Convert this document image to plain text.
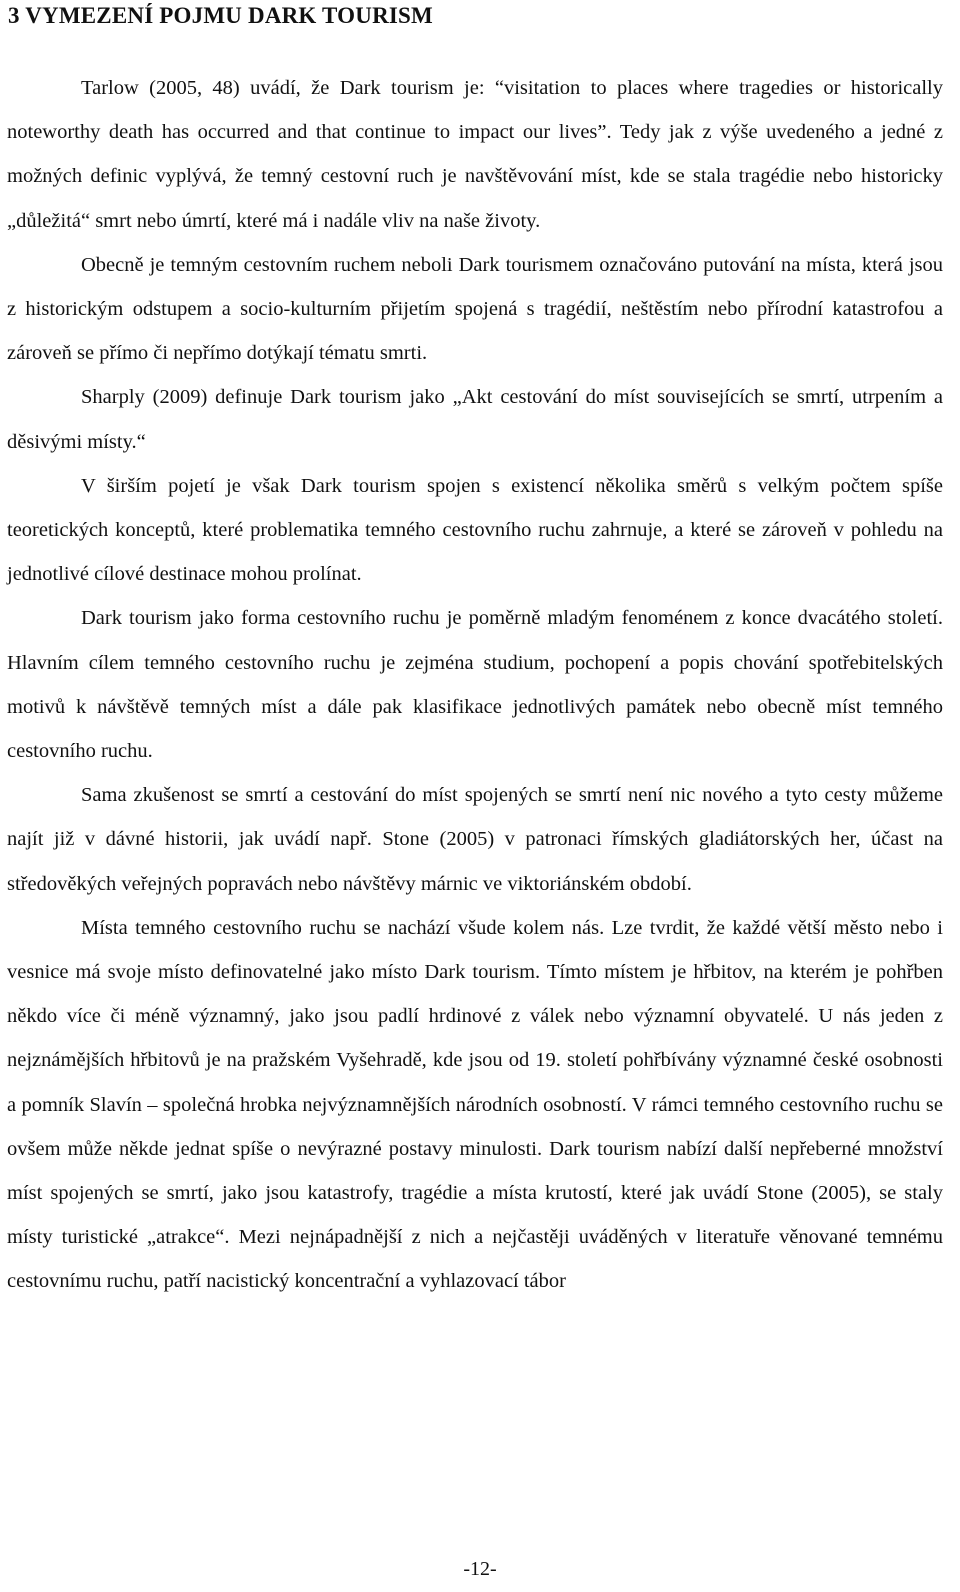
3 VYMEZENÍ POJMU DARK TOURISM

Tarlow (2005, 48) uvádí, že Dark tourism je: “visitation to places where tragedies or historically noteworthy death has occurred and that continue to impact our lives”. Tedy jak z výše uvedeného a jedné z možných definic vyplývá, že temný cestovní ruch je navštěvování míst, kde se stala tragédie nebo historicky „důležitá“ smrt nebo úmrtí, které má i nadále vliv na naše životy.

Obecně je temným cestovním ruchem neboli Dark tourismem označováno putování na místa, která jsou z historickým odstupem a socio-kulturním přijetím spojená s tragédií, neštěstím nebo přírodní katastrofou a zároveň se přímo či nepřímo dotýkají tématu smrti.

Sharply (2009) definuje Dark tourism jako „Akt cestování do míst souvisejících se smrtí, utrpením a děsivými místy.“

V širším pojetí je však Dark tourism spojen s existencí několika směrů s velkým počtem spíše teoretických konceptů, které problematika temného cestovního ruchu zahrnuje, a které se zároveň v pohledu na jednotlivé cílové destinace mohou prolínat.

Dark tourism jako forma cestovního ruchu je poměrně mladým fenoménem z konce dvacátého století. Hlavním cílem temného cestovního ruchu je zejména studium, pochopení a popis chování spotřebitelských motivů k návštěvě temných míst a dále pak klasifikace jednotlivých památek nebo obecně míst temného cestovního ruchu.

Sama zkušenost se smrtí a cestování do míst spojených se smrtí není nic nového a tyto cesty můžeme najít již v dávné historii, jak uvádí např. Stone (2005) v patronaci římských gladiátorských her, účast na středověkých veřejných popravách nebo návštěvy márnic ve viktoriánském období.

Místa temného cestovního ruchu se nachází všude kolem nás. Lze tvrdit, že každé větší město nebo i vesnice má svoje místo definovatelné jako místo Dark tourism. Tímto místem je hřbitov, na kterém je pohřben někdo více či méně významný, jako jsou padlí hrdinové z válek nebo významní obyvatelé. U nás jeden z nejznámějších hřbitovů je na pražském Vyšehradě, kde jsou od 19. století pohřbívány významné české osobnosti a pomník Slavín – společná hrobka nejvýznamnějších národních osobností. V rámci temného cestovního ruchu se ovšem může někde jednat spíše o nevýrazné postavy minulosti. Dark tourism nabízí další nepřeberné množství míst spojených se smrtí, jako jsou katastrofy, tragédie a místa krutostí, které jak uvádí Stone (2005), se staly místy turistické „atrakce“. Mezi nejnápadnější z nich a nejčastěji uváděných v literatuře věnované temnému cestovnímu ruchu, patří nacistický koncentrační a vyhlazovací tábor

-12-
